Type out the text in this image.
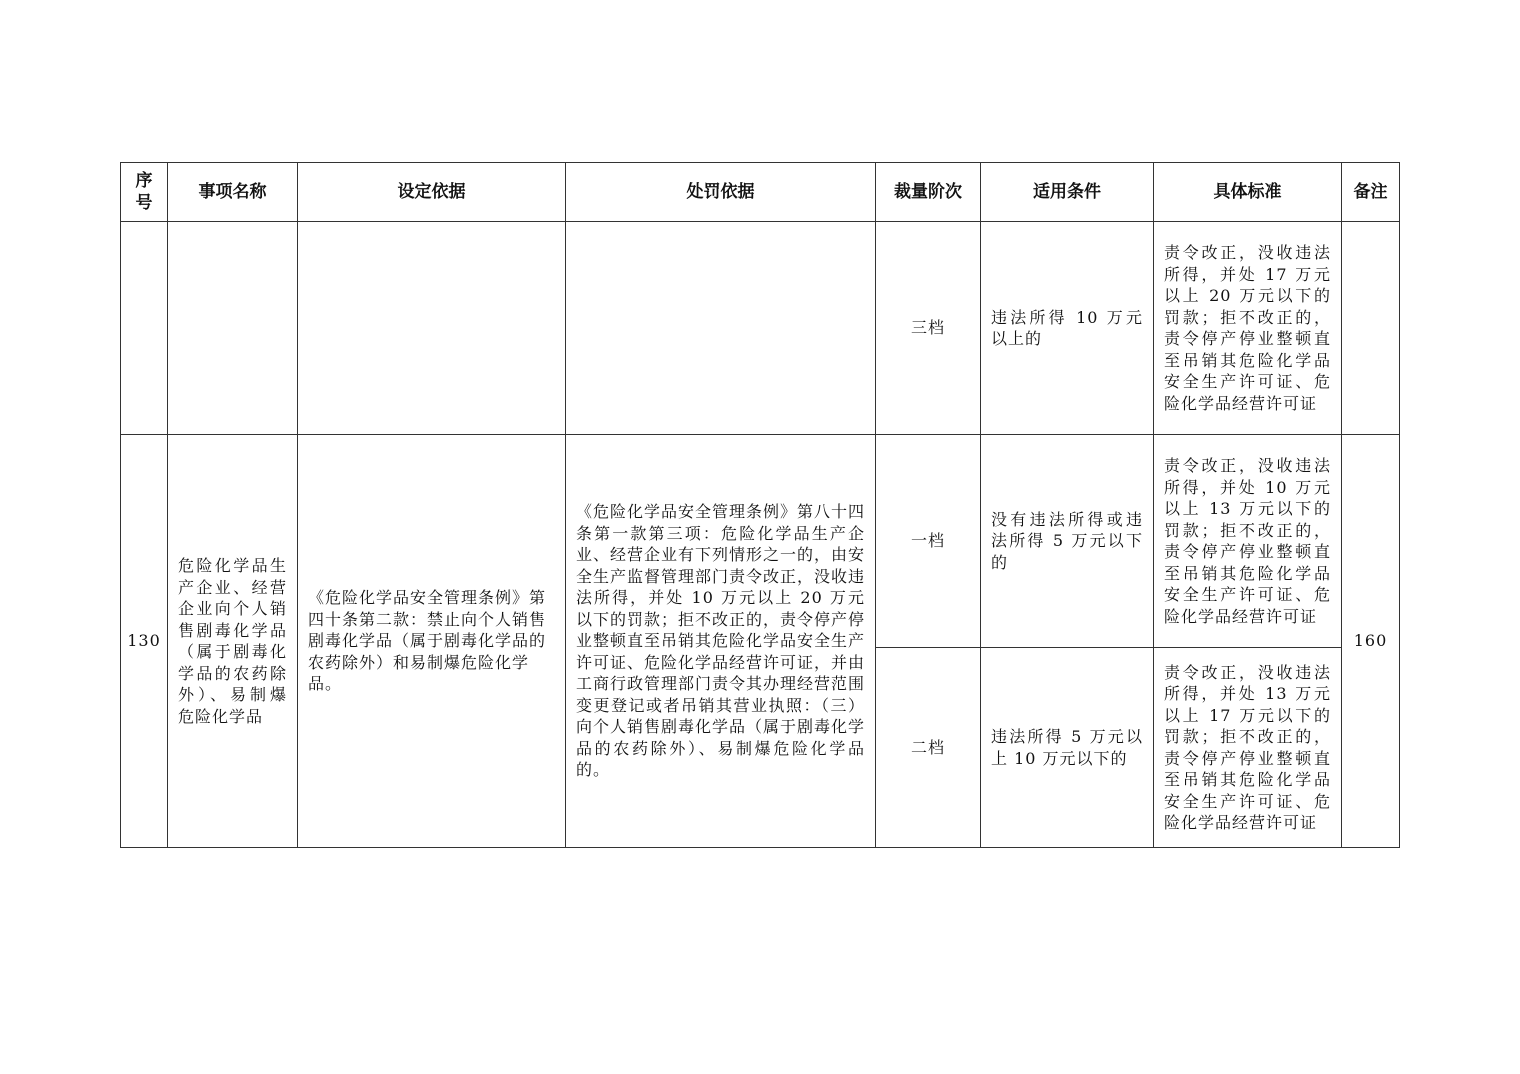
序
号	事项名称	设定依据	处罚依据	裁量阶次	适用条件	具体标准	备注
				三档	违法所得 10 万元以上的	责令改正，没收违法所得，并处 17 万元以上 20 万元以下的罚款；拒不改正的，责令停产停业整顿直至吊销其危险化学品安全生产许可证、危险化学品经营许可证	
130	危险化学品生产企业、经营企业向个人销售剧毒化学品（属于剧毒化学品的农药除外）、易制爆危险化学品	《危险化学品安全管理条例》第四十条第二款：禁止向个人销售剧毒化学品（属于剧毒化学品的农药除外）和易制爆危险化学品。	《危险化学品安全管理条例》第八十四条第一款第三项：危险化学品生产企业、经营企业有下列情形之一的，由安全生产监督管理部门责令改正，没收违法所得，并处 10 万元以上 20 万元以下的罚款；拒不改正的，责令停产停业整顿直至吊销其危险化学品安全生产许可证、危险化学品经营许可证，并由工商行政管理部门责令其办理经营范围变更登记或者吊销其营业执照：（三）向个人销售剧毒化学品（属于剧毒化学品的农药除外）、易制爆危险化学品的。	一档	没有违法所得或违法所得 5 万元以下的	责令改正，没收违法所得，并处 10 万元以上 13 万元以下的罚款；拒不改正的，责令停产停业整顿直至吊销其危险化学品安全生产许可证、危险化学品经营许可证	160
				二档	违法所得 5 万元以上 10 万元以下的	责令改正，没收违法所得，并处 13 万元以上 17 万元以下的罚款；拒不改正的，责令停产停业整顿直至吊销其危险化学品安全生产许可证、危险化学品经营许可证	
